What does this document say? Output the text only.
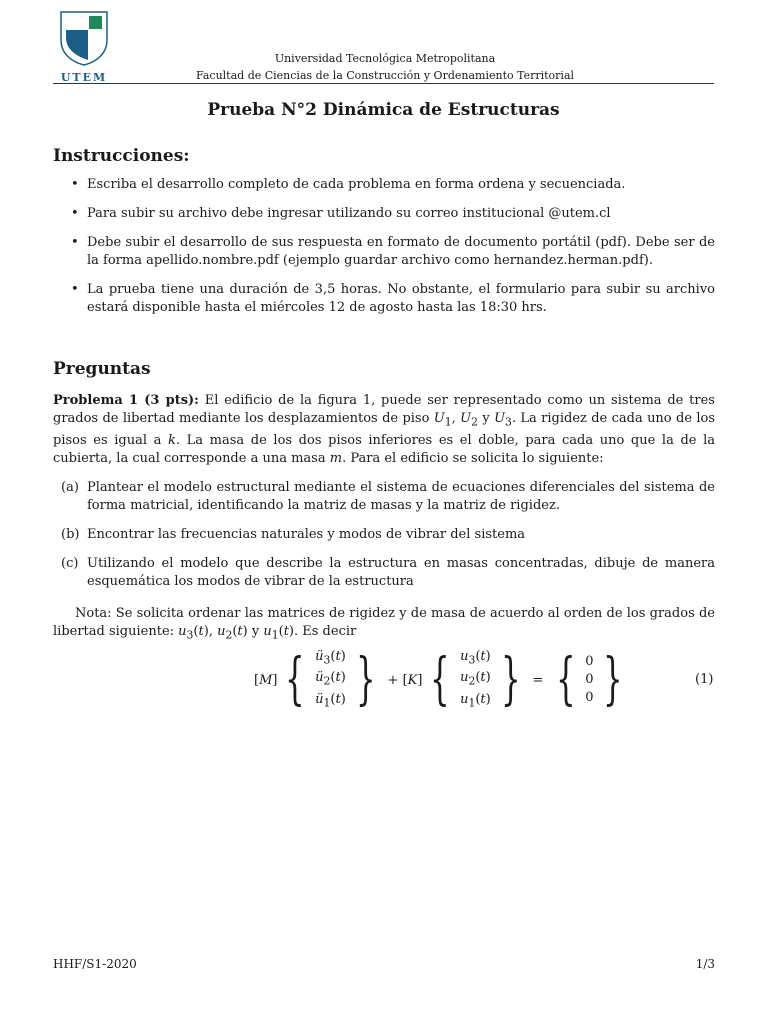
UTEM
Universidad Tecnológica Metropolitana
Facultad de Ciencias de la Construcción y Ordenamiento Territorial
Prueba N°2 Dinámica de Estructuras
Instrucciones:
• Escriba el desarrollo completo de cada problema en forma ordena y secuenciada.
• Para subir su archivo debe ingresar utilizando su correo institucional @utem.cl
• Debe subir el desarrollo de sus respuesta en formato de documento portátil (pdf). Debe ser de la forma apellido.nombre.pdf (ejemplo guardar archivo como hernandez.herman.pdf).
• La prueba tiene una duración de 3,5 horas. No obstante, el formulario para subir su archivo estará disponible hasta el miércoles 12 de agosto hasta las 18:30 hrs.
Preguntas
Problema 1 (3 pts): El edificio de la figura 1, puede ser representado como un sistema de tres grados de libertad mediante los desplazamientos de piso $U_1$, $U_2$ y $U_3$. La rigidez de cada uno de los pisos es igual a k. La masa de los dos pisos inferiores es el doble, para cada uno que la de la cubierta, la cual corresponde a una masa m. Para el edificio se solicita lo siguiente:
(a) Plantear el modelo estructural mediante el sistema de ecuaciones diferenciales del sistema de forma matricial, identificando la matriz de masas y la matriz de rigidez.
(b) Encontrar las frecuencias naturales y modos de vibrar del sistema
(c) Utilizando el modelo que describe la estructura en masas concentradas, dibuje de manera esquemática los modos de vibrar de la estructura
Nota: Se solicita ordenar las matrices de rigidez y de masa de acuerdo al orden de los grados de libertad siguiente: $u_3(t)$, $u_2(t)$ y $u_1(t)$. Es decir
[M] { $ü_3(t)$
$ü_2(t)$
$ü_1(t)$ } + [K] { $u_3(t)$
$u_2(t)$
$u_1(t)$ } = { 0
0
0 }	(1)
HHF/S1-2020	1/3
